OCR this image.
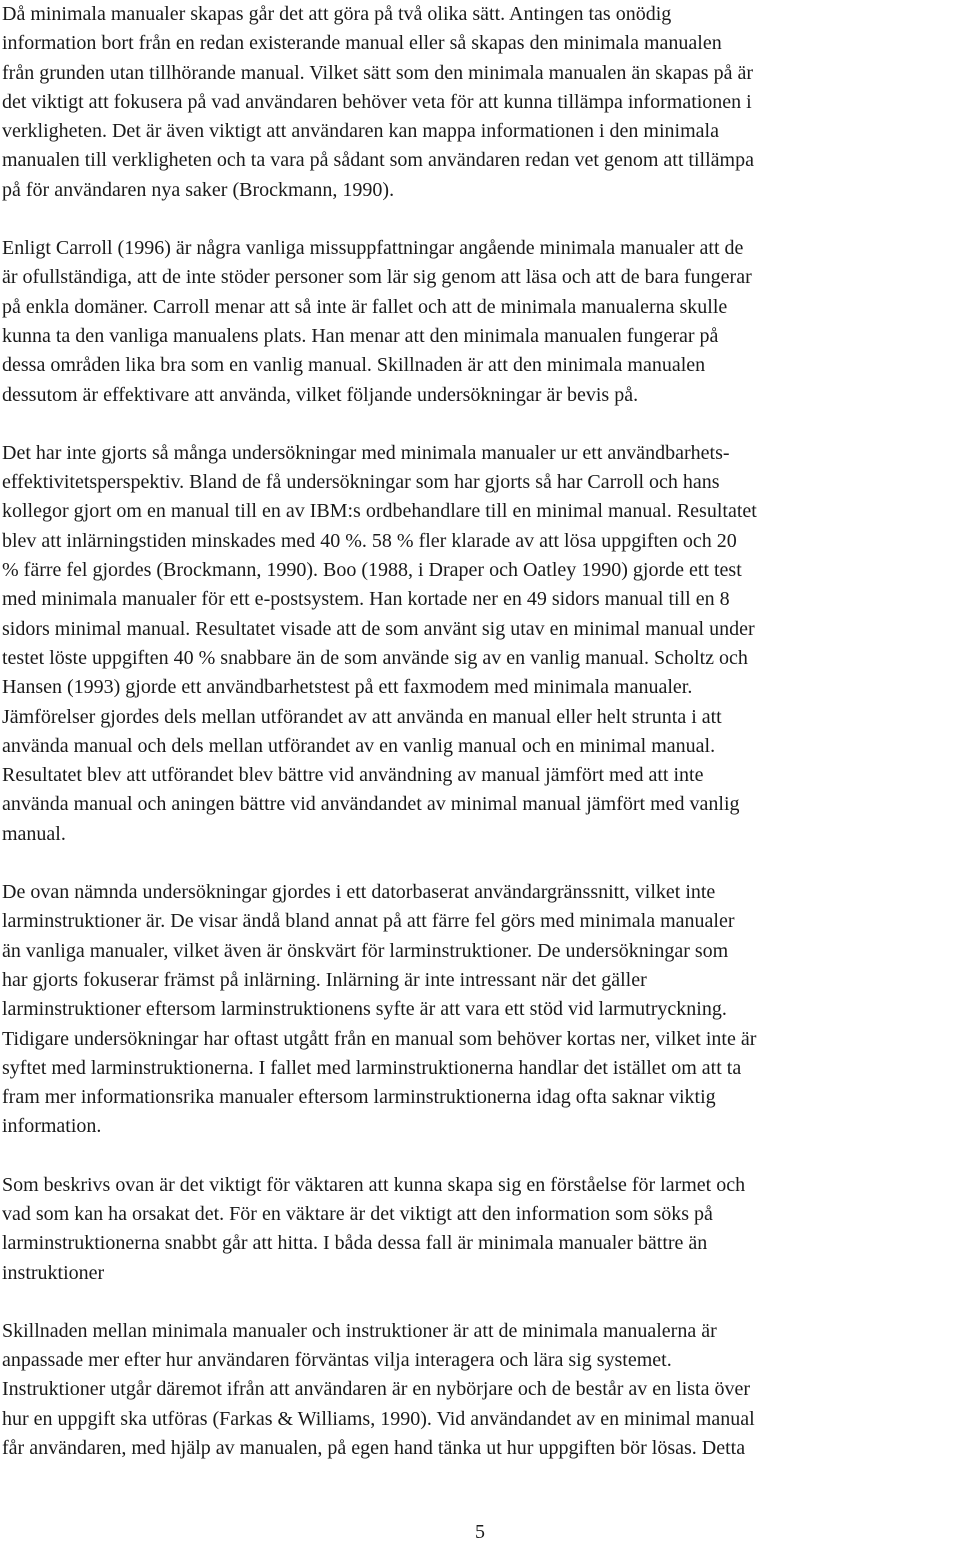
Då minimala manualer skapas går det att göra på två olika sätt. Antingen tas onödig
information bort från en redan existerande manual eller så skapas den minimala manualen
från grunden utan tillhörande manual. Vilket sätt som den minimala manualen än skapas på är
det viktigt att fokusera på vad användaren behöver veta för att kunna tillämpa informationen i
verkligheten. Det är även viktigt att användaren kan mappa informationen i den minimala
manualen till verkligheten och ta vara på sådant som användaren redan vet genom att tillämpa
på för användaren nya saker (Brockmann, 1990).

Enligt Carroll (1996) är några vanliga missuppfattningar angående minimala manualer att de
är ofullständiga, att de inte stöder personer som lär sig genom att läsa och att de bara fungerar
på enkla domäner. Carroll menar att så inte är fallet och att de minimala manualerna skulle
kunna ta den vanliga manualens plats. Han menar att den minimala manualen fungerar på
dessa områden lika bra som en vanlig manual. Skillnaden är att den minimala manualen
dessutom är effektivare att använda, vilket följande undersökningar är bevis på.

Det har inte gjorts så många undersökningar med minimala manualer ur ett användbarhets-
effektivitetsperspektiv. Bland de få undersökningar som har gjorts så har Carroll och hans
kollegor gjort om en manual till en av IBM:s ordbehandlare till en minimal manual. Resultatet
blev att inlärningstiden minskades med 40 %. 58 % fler klarade av att lösa uppgiften och 20
% färre fel gjordes (Brockmann, 1990). Boo (1988, i Draper och Oatley 1990) gjorde ett test
med minimala manualer för ett e-postsystem. Han kortade ner en 49 sidors manual till en 8
sidors minimal manual. Resultatet visade att de som använt sig utav en minimal manual under
testet löste uppgiften 40 % snabbare än de som använde sig av en vanlig manual. Scholtz och
Hansen (1993) gjorde ett användbarhetstest på ett faxmodem med minimala manualer.
Jämförelser gjordes dels mellan utförandet av att använda en manual eller helt strunta i att
använda manual och dels mellan utförandet av en vanlig manual och en minimal manual.
Resultatet blev att utförandet blev bättre vid användning av manual jämfört med att inte
använda manual och aningen bättre vid användandet av minimal manual jämfört med vanlig
manual.

De ovan nämnda undersökningar gjordes i ett datorbaserat användargränssnitt, vilket inte
larminstruktioner är. De visar ändå bland annat på att färre fel görs med minimala manualer
än vanliga manualer, vilket även är önskvärt för larminstruktioner. De undersökningar som
har gjorts fokuserar främst på inlärning. Inlärning är inte intressant när det gäller
larminstruktioner eftersom larminstruktionens syfte är att vara ett stöd vid larmutryckning.
Tidigare undersökningar har oftast utgått från en manual som behöver kortas ner, vilket inte är
syftet med larminstruktionerna. I fallet med larminstruktionerna handlar det istället om att ta
fram mer informationsrika manualer eftersom larminstruktionerna idag ofta saknar viktig
information.

Som beskrivs ovan är det viktigt för väktaren att kunna skapa sig en förståelse för larmet och
vad som kan ha orsakat det. För en väktare är det viktigt att den information som söks på
larminstruktionerna snabbt går att hitta. I båda dessa fall är minimala manualer bättre än
instruktioner

Skillnaden mellan minimala manualer och instruktioner är att de minimala manualerna är
anpassade mer efter hur användaren förväntas vilja interagera och lära sig systemet.
Instruktioner utgår däremot ifrån att användaren är en nybörjare och de består av en lista över
hur en uppgift ska utföras (Farkas & Williams, 1990). Vid användandet av en minimal manual
får användaren, med hjälp av manualen, på egen hand tänka ut hur uppgiften bör lösas. Detta

5
